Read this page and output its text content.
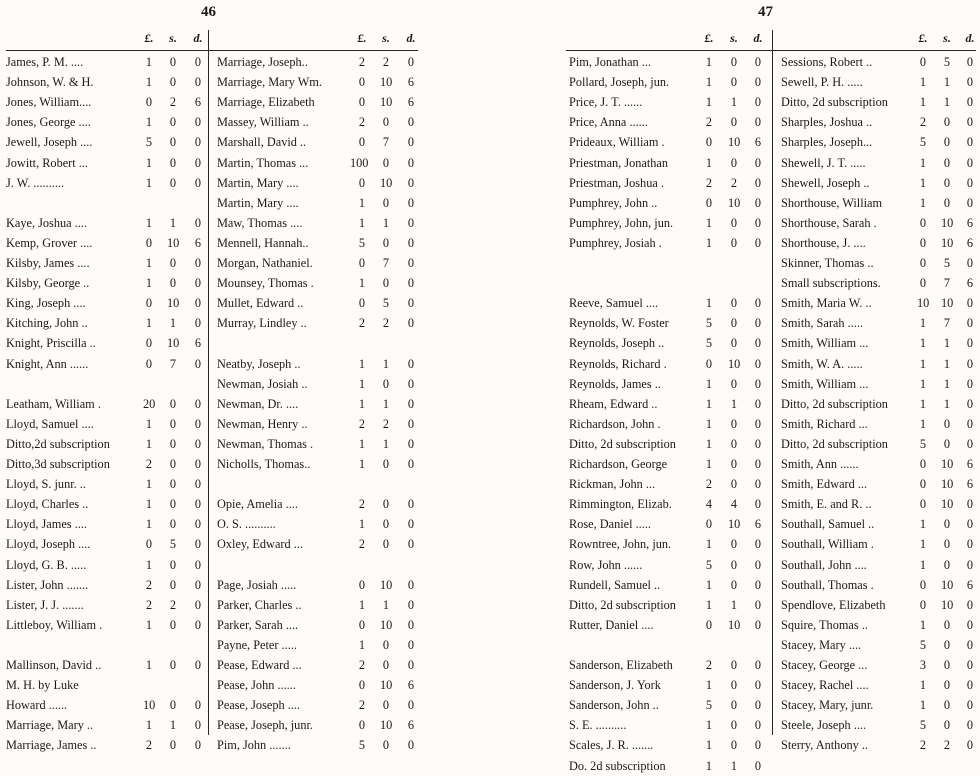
46	47
£. s. d.
James, P. M. ....	1 0 0
Johnson, W. & H.	1 0 0
Jones, William....	0 2 6
Jones, George ....	1 0 0
Jewell, Joseph ....	5 0 0
Jowitt, Robert ...	1 0 0
J. W. ..........	1 0 0
Kaye, Joshua ....	1 1 0
Kemp, Grover ....	0 10 6
Kilsby, James ....	1 0 0
Kilsby, George ..	1 0 0
King, Joseph ....	0 10 0
Kitching, John ..	1 1 0
Knight, Priscilla ..	0 10 6
Knight, Ann ......	0 7 0
Leatham, William .	20 0 0
Lloyd, Samuel ....	1 0 0
Ditto,2d subscription	1 0 0
Ditto,3d subscription	2 0 0
Lloyd, S. junr. ..	1 0 0
Lloyd, Charles ..	1 0 0
Lloyd, James ....	1 0 0
Lloyd, Joseph ....	0 5 0
Lloyd, G. B. .....	1 0 0
Lister, John .......	2 0 0
Lister, J. J. .......	2 2 0
Littleboy, William .	1 0 0
Mallinson, David ..	1 0 0
M. H. by Luke
Howard ......	10 0 0
Marriage, Mary ..	1 1 0
Marriage, James ..	2 0 0
£. s. d.
Marriage, Joseph..	2 2 0
Marriage, Mary Wm.	0 10 6
Marriage, Elizabeth	0 10 6
Massey, William ..	2 0 0
Marshall, David ..	0 7 0
Martin, Thomas ...	100 0 0
Martin, Mary ....	0 10 0
Martin, Mary ....	1 0 0
Maw, Thomas ....	1 1 0
Mennell, Hannah..	5 0 0
Morgan, Nathaniel.	0 7 0
Mounsey, Thomas .	1 0 0
Mullet, Edward ..	0 5 0
Murray, Lindley ..	2 2 0
Neatby, Joseph ..	1 1 0
Newman, Josiah ..	1 0 0
Newman, Dr. ....	1 1 0
Newman, Henry ..	2 2 0
Newman, Thomas .	1 1 0
Nicholls, Thomas..	1 0 0
Opie, Amelia ....	2 0 0
O. S. ..........	1 0 0
Oxley, Edward ...	2 0 0
Page, Josiah .....	0 10 0
Parker, Charles ..	1 1 0
Parker, Sarah ....	0 10 0
Payne, Peter .....	1 0 0
Pease, Edward ...	2 0 0
Pease, John ......	0 10 6
Pease, Joseph ....	2 0 0
Pease, Joseph, junr.	0 10 6
Pim, John .......	5 0 0
£. s. d.
Pim, Jonathan ...	1 0 0
Pollard, Joseph, jun.	1 0 0
Price, J. T. ......	1 1 0
Price, Anna ......	2 0 0
Prideaux, William .	0 10 6
Priestman, Jonathan	1 0 0
Priestman, Joshua .	2 2 0
Pumphrey, John ..	0 10 0
Pumphrey, John, jun.	1 0 0
Pumphrey, Josiah .	1 0 0
Reeve, Samuel ....	1 0 0
Reynolds, W. Foster	5 0 0
Reynolds, Joseph ..	5 0 0
Reynolds, Richard .	0 10 0
Reynolds, James ..	1 0 0
Rheam, Edward ..	1 1 0
Richardson, John .	1 0 0
Ditto, 2d subscription 1 0 0
Richardson, George	1 0 0
Rickman, John ...	2 0 0
Rimmington, Elizab.	4 4 0
Rose, Daniel .....	0 10 6
Rowntree, John, jun.	1 0 0
Row, John ......	5 0 0
Rundell, Samuel ..	1 0 0
Ditto, 2d subscription 1 1 0
Rutter, Daniel ....	0 10 0
Sanderson, Elizabeth	2 0 0
Sanderson, J. York	1 0 0
Sanderson, John ..	5 0 0
S. E. ..........	1 0 0
Scales, J. R. .......	1 0 0
Do. 2d subscription	1 1 0
£. s. d.
Sessions, Robert ..	0 5 0
Sewell, P. H. .....	1 1 0
Ditto, 2d subscription	1 1 0
Sharples, Joshua ..	2 0 0
Sharples, Joseph...	5 0 0
Shewell, J. T. .....	1 0 0
Shewell, Joseph ..	1 0 0
Shorthouse, William	1 0 0
Shorthouse, Sarah .	0 10 6
Shorthouse, J. ....	0 10 6
Skinner, Thomas ..	0 5 0
Small subscriptions.	0 7 6
Smith, Maria W. ..	10 10 0
Smith, Sarah .....	1 7 0
Smith, William ...	1 1 0
Smith, W. A. .....	1 1 0
Smith, William ...	1 1 0
Ditto, 2d subscription	1 1 0
Smith, Richard ...	1 0 0
Ditto, 2d subscription	5 0 0
Smith, Ann ......	0 10 6
Smith, Edward ...	0 10 6
Smith, E. and R. ..	0 10 0
Southall, Samuel ..	1 0 0
Southall, William .	1 0 0
Southall, John ....	1 0 0
Southall, Thomas .	0 10 6
Spendlove, Elizabeth	0 10 0
Squire, Thomas ..	1 0 0
Stacey, Mary ....	5 0 0
Stacey, George ...	3 0 0
Stacey, Rachel ....	1 0 0
Stacey, Mary, junr.	1 0 0
Steele, Joseph ....	5 0 0
Sterry, Anthony ..	2 2 0
